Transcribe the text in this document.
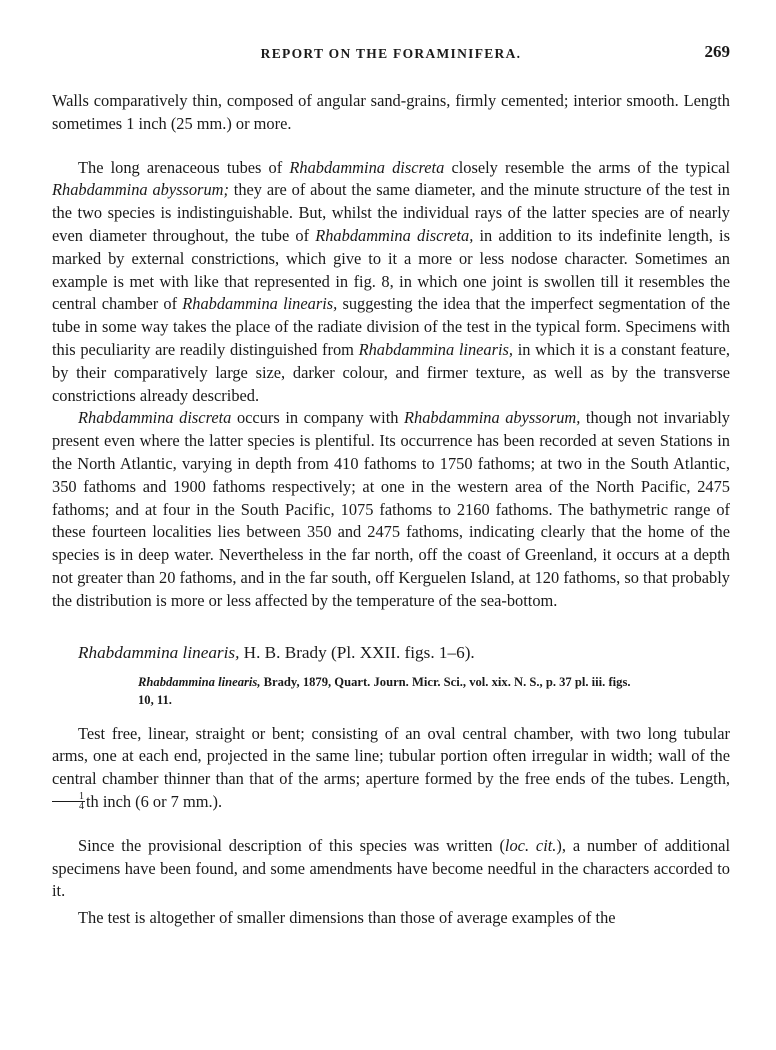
REPORT ON THE FORAMINIFERA.	269

Walls comparatively thin, composed of angular sand-grains, firmly cemented; interior smooth. Length sometimes 1 inch (25 mm.) or more.

The long arenaceous tubes of Rhabdammina discreta closely resemble the arms of the typical Rhabdammina abyssorum; they are of about the same diameter, and the minute structure of the test in the two species is indistinguishable. But, whilst the individual rays of the latter species are of nearly even diameter throughout, the tube of Rhabdammina discreta, in addition to its indefinite length, is marked by external constrictions, which give to it a more or less nodose character. Sometimes an example is met with like that represented in fig. 8, in which one joint is swollen till it resembles the central chamber of Rhabdammina linearis, suggesting the idea that the imperfect segmentation of the tube in some way takes the place of the radiate division of the test in the typical form. Specimens with this peculiarity are readily distinguished from Rhabdammina linearis, in which it is a constant feature, by their comparatively large size, darker colour, and firmer texture, as well as by the transverse constrictions already described.

Rhabdammina discreta occurs in company with Rhabdammina abyssorum, though not invariably present even where the latter species is plentiful. Its occurrence has been recorded at seven Stations in the North Atlantic, varying in depth from 410 fathoms to 1750 fathoms; at two in the South Atlantic, 350 fathoms and 1900 fathoms respectively; at one in the western area of the North Pacific, 2475 fathoms; and at four in the South Pacific, 1075 fathoms to 2160 fathoms. The bathymetric range of these fourteen localities lies between 350 and 2475 fathoms, indicating clearly that the home of the species is in deep water. Nevertheless in the far north, off the coast of Greenland, it occurs at a depth not greater than 20 fathoms, and in the far south, off Kerguelen Island, at 120 fathoms, so that probably the distribution is more or less affected by the temperature of the sea-bottom.

Rhabdammina linearis, H. B. Brady (Pl. XXII. figs. 1–6).
Rhabdammina linearis, Brady, 1879, Quart. Journ. Micr. Sci., vol. xix. N. S., p. 37 pl. iii. figs.
10, 11.

Test free, linear, straight or bent; consisting of an oval central chamber, with two long tubular arms, one at each end, projected in the same line; tubular portion often irregular in width; wall of the central chamber thinner than that of the arms; aperture formed by the free ends of the tubes. Length,
$\frac{1}{4}$ th inch (6 or 7 mm.).

Since the provisional description of this species was written (loc. cit.), a number of additional specimens have been found, and some amendments have become needful in the characters accorded to it.

The test is altogether of smaller dimensions than those of average examples of the
